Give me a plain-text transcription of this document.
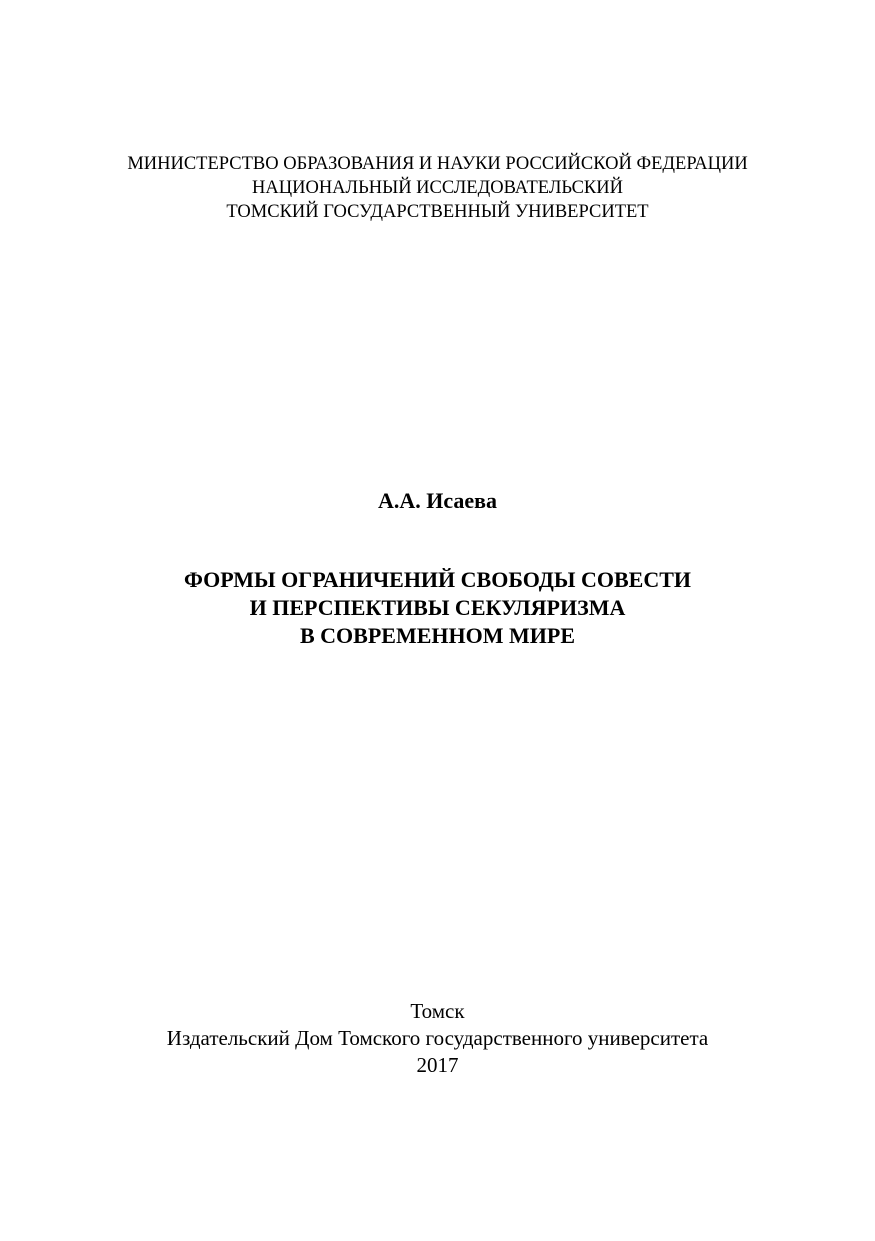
МИНИСТЕРСТВО ОБРАЗОВАНИЯ И НАУКИ РОССИЙСКОЙ ФЕДЕРАЦИИ
НАЦИОНАЛЬНЫЙ ИССЛЕДОВАТЕЛЬСКИЙ
ТОМСКИЙ ГОСУДАРСТВЕННЫЙ УНИВЕРСИТЕТ
А.А. Исаева
ФОРМЫ ОГРАНИЧЕНИЙ СВОБОДЫ СОВЕСТИ
И ПЕРСПЕКТИВЫ СЕКУЛЯРИЗМА
В СОВРЕМЕННОМ МИРЕ
Томск
Издательский Дом Томского государственного университета
2017
